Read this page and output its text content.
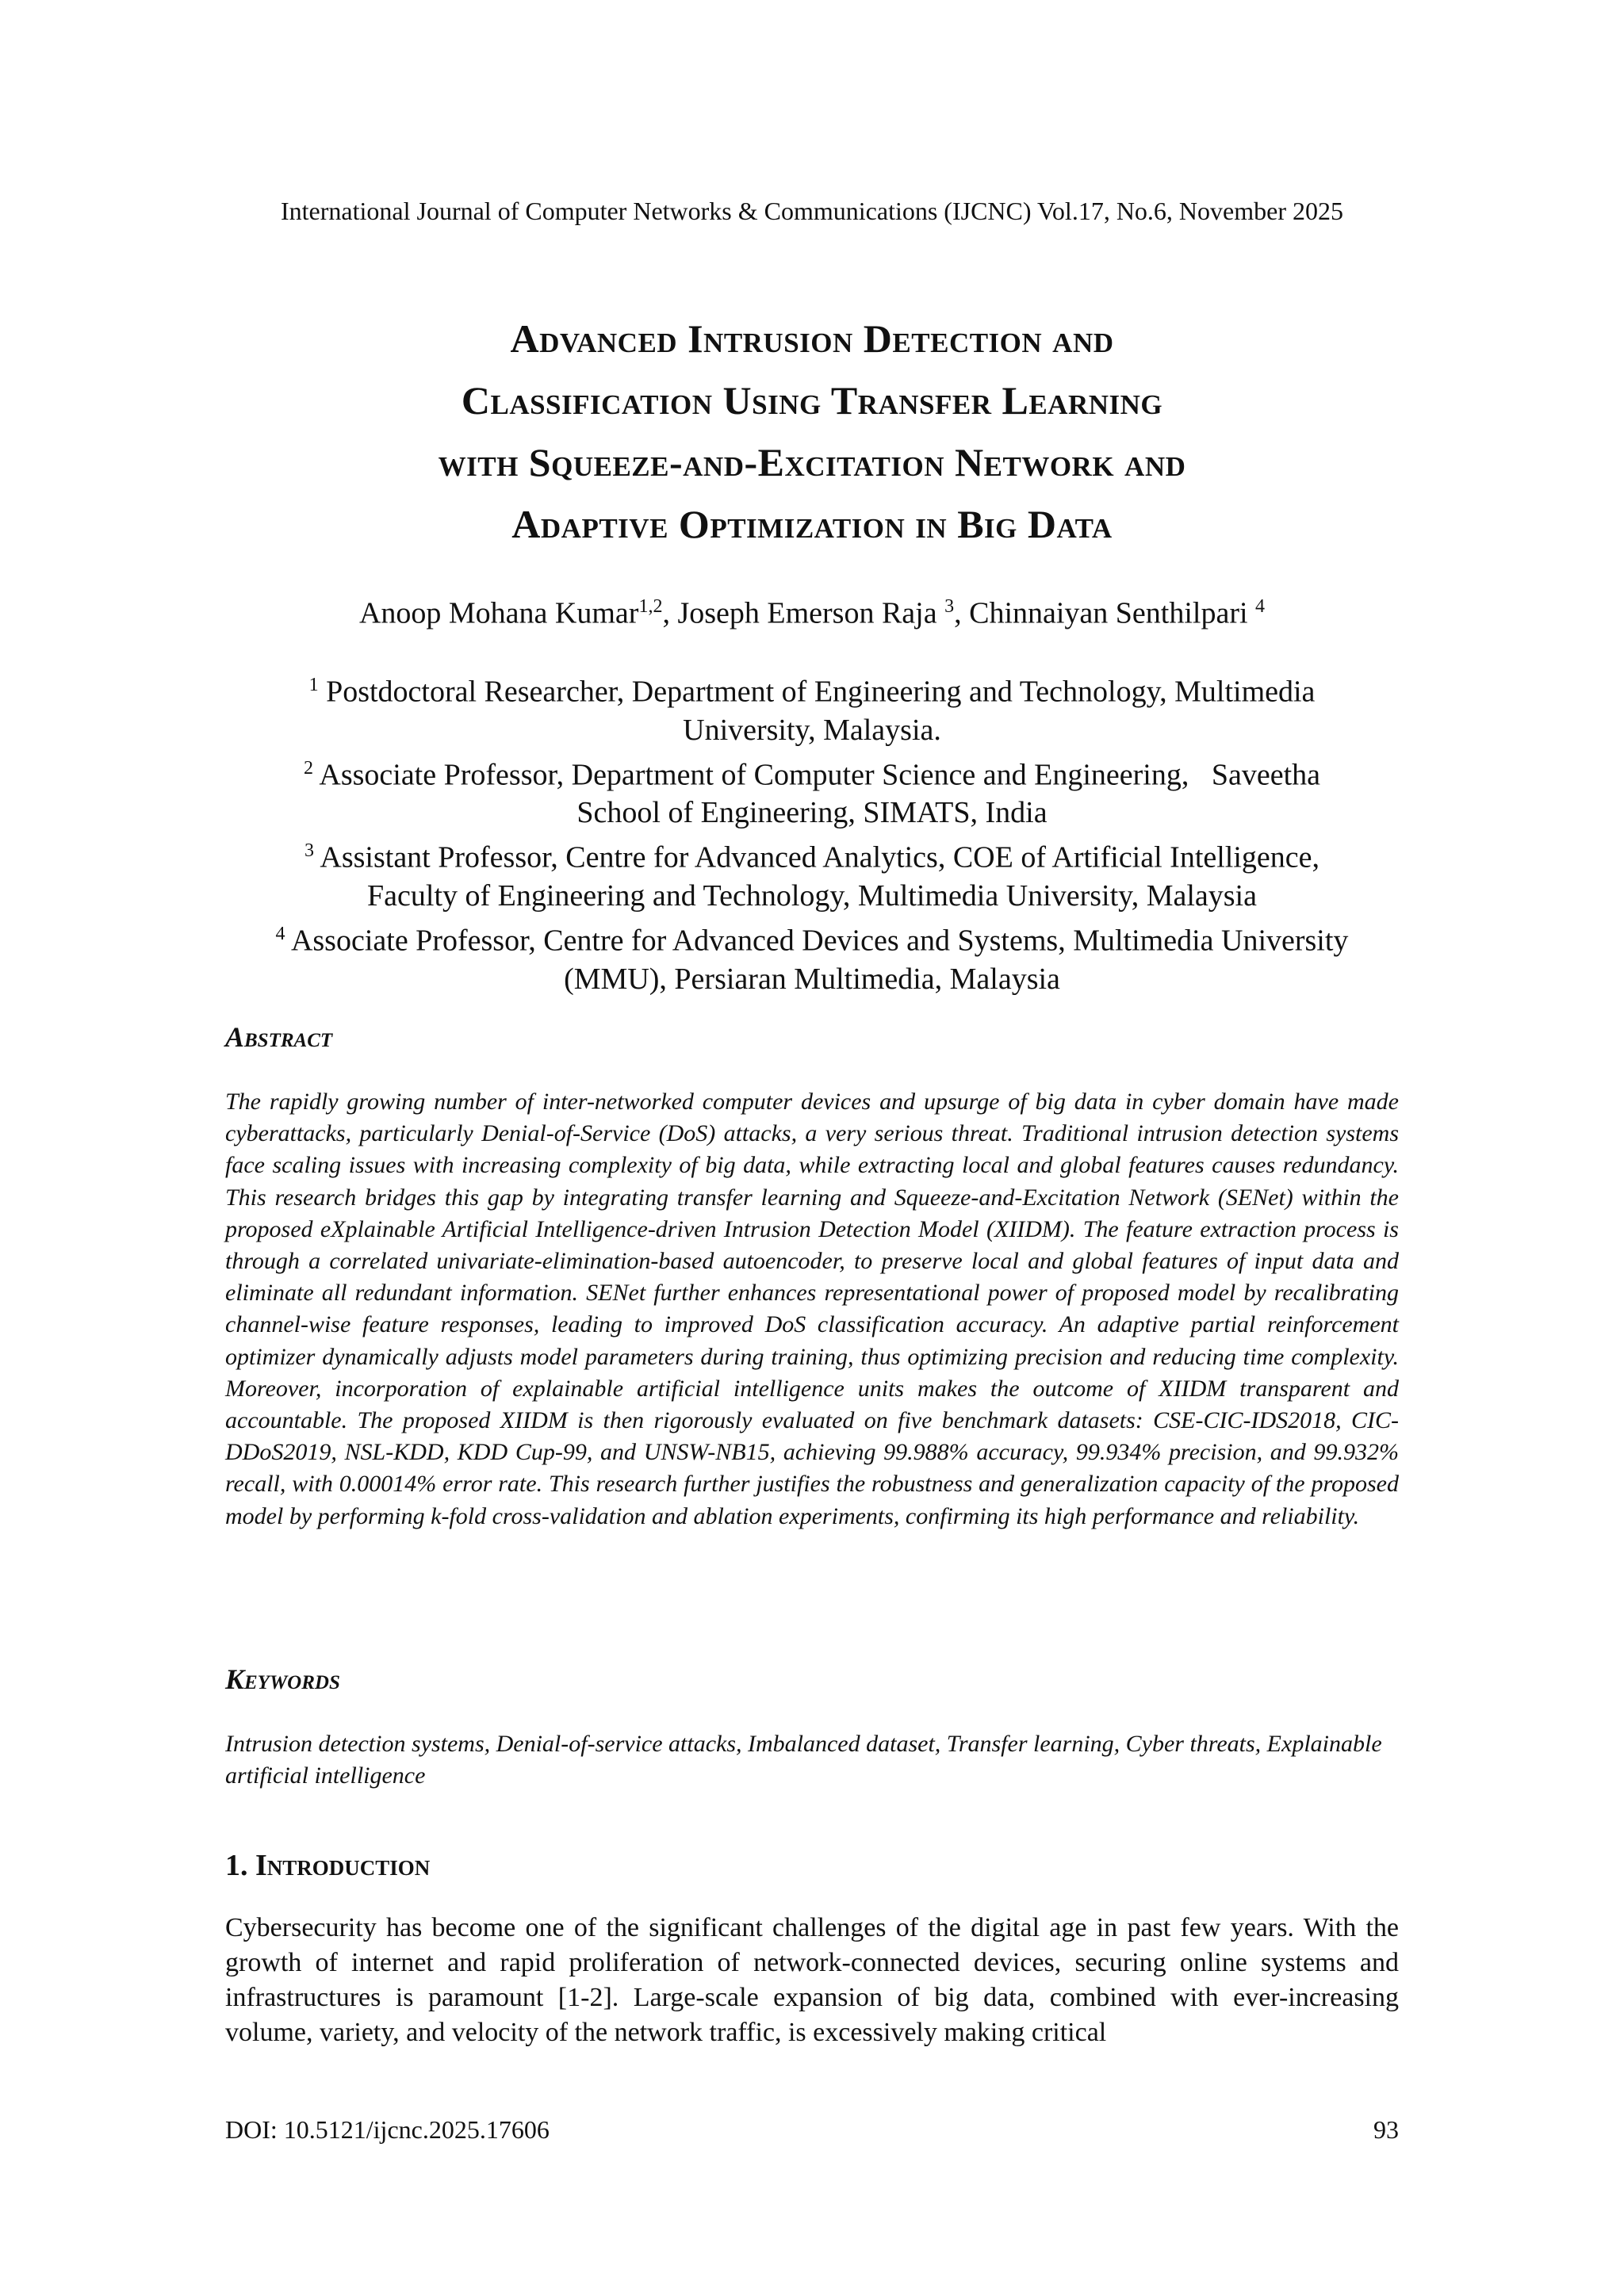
International Journal of Computer Networks & Communications (IJCNC) Vol.17, No.6, November 2025
Advanced Intrusion Detection and
Classification Using Transfer Learning
with Squeeze-and-Excitation Network and
Adaptive Optimization in Big Data
Anoop Mohana Kumar$^{1,2}$, Joseph Emerson Raja $^3$, Chinnaiyan Senthilpari $^4$
$^1$ Postdoctoral Researcher, Department of Engineering and Technology, Multimedia
University, Malaysia.
$^2$ Associate Professor, Department of Computer Science and Engineering,   Saveetha
School of Engineering, SIMATS, India
$^3$ Assistant Professor, Centre for Advanced Analytics, COE of Artificial Intelligence,
Faculty of Engineering and Technology, Multimedia University, Malaysia
$^4$ Associate Professor, Centre for Advanced Devices and Systems, Multimedia University
(MMU), Persiaran Multimedia, Malaysia
Abstract
The rapidly growing number of inter-networked computer devices and upsurge of big data in cyber domain have made cyberattacks, particularly Denial-of-Service (DoS) attacks, a very serious threat. Traditional intrusion detection systems face scaling issues with increasing complexity of big data, while extracting local and global features causes redundancy. This research bridges this gap by integrating transfer learning and Squeeze-and-Excitation Network (SENet) within the proposed eXplainable Artificial Intelligence-driven Intrusion Detection Model (XIIDM). The feature extraction process is through a correlated univariate-elimination-based autoencoder, to preserve local and global features of input data and eliminate all redundant information. SENet further enhances representational power of proposed model by recalibrating channel-wise feature responses, leading to improved DoS classification accuracy. An adaptive partial reinforcement optimizer dynamically adjusts model parameters during training, thus optimizing precision and reducing time complexity. Moreover, incorporation of explainable artificial intelligence units makes the outcome of XIIDM transparent and accountable. The proposed XIIDM is then rigorously evaluated on five benchmark datasets: CSE-CIC-IDS2018, CIC-DDoS2019, NSL-KDD, KDD Cup-99, and UNSW-NB15, achieving 99.988% accuracy, 99.934% precision, and 99.932% recall, with 0.00014% error rate. This research further justifies the robustness and generalization capacity of the proposed model by performing k-fold cross-validation and ablation experiments, confirming its high performance and reliability.
Keywords
Intrusion detection systems, Denial-of-service attacks, Imbalanced dataset, Transfer learning, Cyber threats, Explainable artificial intelligence
1. Introduction
Cybersecurity has become one of the significant challenges of the digital age in past few years. With the growth of internet and rapid proliferation of network-connected devices, securing online systems and infrastructures is paramount [1-2]. Large-scale expansion of big data, combined with ever-increasing volume, variety, and velocity of the network traffic, is excessively making critical
DOI: 10.5121/ijcnc.2025.17606	93
